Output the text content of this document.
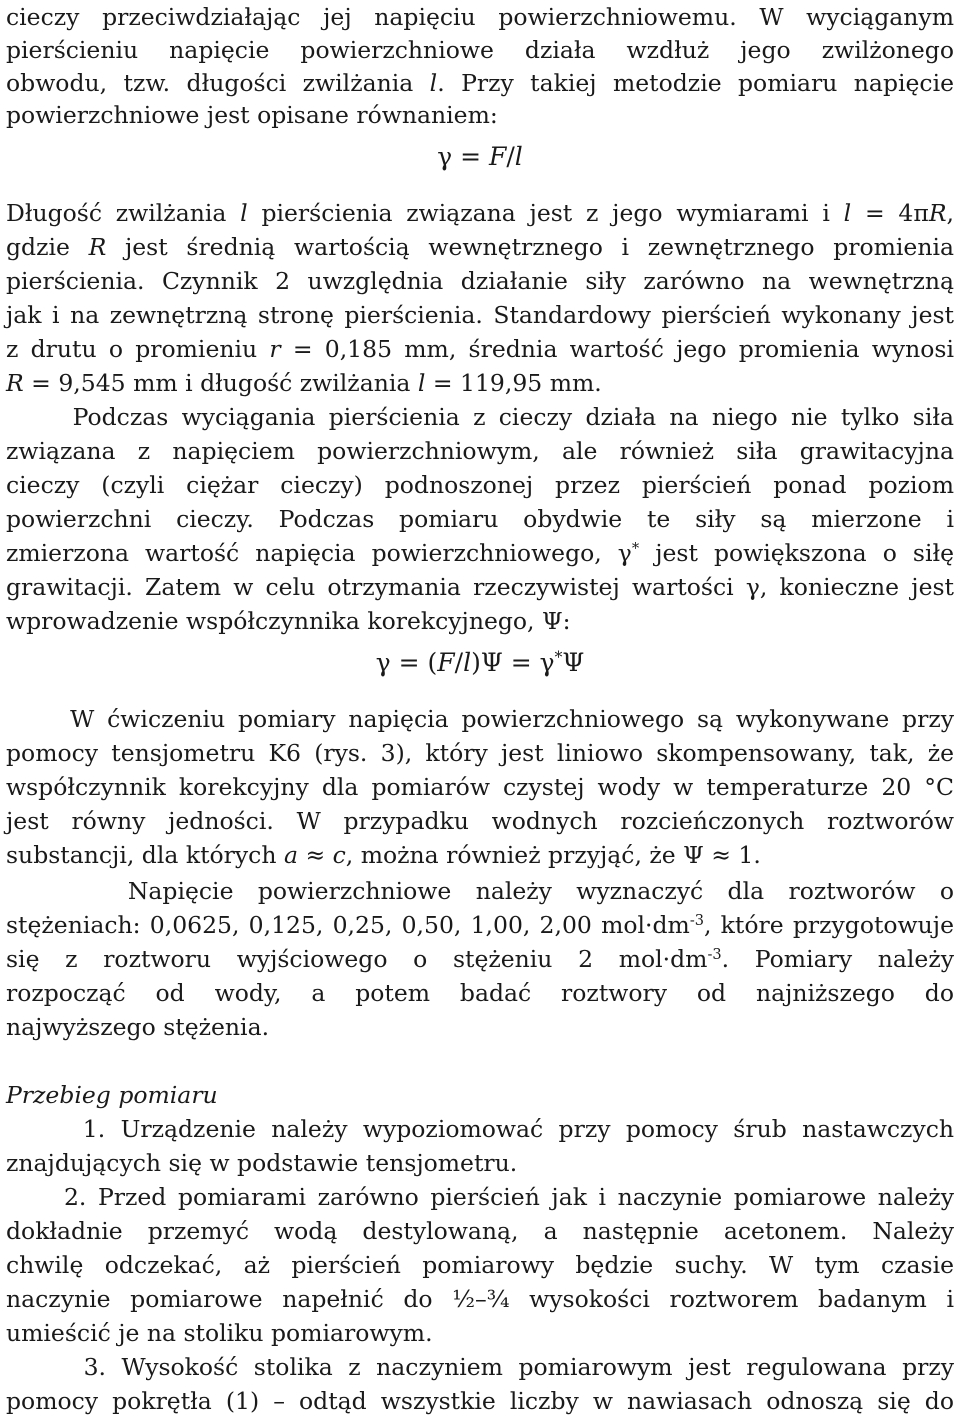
cieczy przeciwdziałając jej napięciu powierzchniowemu. W wyciąganym
pierścieniu napięcie powierzchniowe działa wzdłuż jego zwilżonego
obwodu, tzw. długości zwilżania l. Przy takiej metodzie pomiaru napięcie
powierzchniowe jest opisane równaniem:
γ = F/l
Długość zwilżania l pierścienia związana jest z jego wymiarami i l = 4πR,
gdzie R jest średnią wartością wewnętrznego i zewnętrznego promienia
pierścienia. Czynnik 2 uwzględnia działanie siły zarówno na wewnętrzną
jak i na zewnętrzną stronę pierścienia. Standardowy pierścień wykonany jest
z drutu o promieniu r = 0,185 mm, średnia wartość jego promienia wynosi
R = 9,545 mm i długość zwilżania l = 119,95 mm.
Podczas wyciągania pierścienia z cieczy działa na niego nie tylko siła
związana z napięciem powierzchniowym, ale również siła grawitacyjna
cieczy (czyli ciężar cieczy) podnoszonej przez pierścień ponad poziom
powierzchni cieczy. Podczas pomiaru obydwie te siły są mierzone i
zmierzona wartość napięcia powierzchniowego, γ* jest powiększona o siłę
grawitacji. Zatem w celu otrzymania rzeczywistej wartości γ, konieczne jest
wprowadzenie współczynnika korekcyjnego, Ψ:
γ = (F/l)Ψ = γ*Ψ
W ćwiczeniu pomiary napięcia powierzchniowego są wykonywane przy
pomocy tensjometru K6 (rys. 3), który jest liniowo skompensowany, tak, że
współczynnik korekcyjny dla pomiarów czystej wody w temperaturze 20 °C
jest równy jedności. W przypadku wodnych rozcieńczonych roztworów
substancji, dla których a ≈ c, można również przyjąć, że Ψ ≈ 1.
Napięcie powierzchniowe należy wyznaczyć dla roztworów o
stężeniach: 0,0625, 0,125, 0,25, 0,50, 1,00, 2,00 $mol\cdot dm^{-3}$, które przygotowuje
się z roztworu wyjściowego o stężeniu 2 $mol\cdot dm^{-3}$. Pomiary należy
rozpocząć od wody, a potem badać roztwory od najniższego do
najwyższego stężenia.
Przebieg pomiaru
1. Urządzenie należy wypoziomować przy pomocy śrub nastawczych
znajdujących się w podstawie tensjometru.
2. Przed pomiarami zarówno pierścień jak i naczynie pomiarowe należy
dokładnie przemyć wodą destylowaną, a następnie acetonem. Należy
chwilę odczekać, aż pierścień pomiarowy będzie suchy. W tym czasie
naczynie pomiarowe napełnić do ½–¾ wysokości roztworem badanym i
umieścić je na stoliku pomiarowym.
3. Wysokość stolika z naczyniem pomiarowym jest regulowana przy
pomocy pokrętła (1) – odtąd wszystkie liczby w nawiasach odnoszą się do
